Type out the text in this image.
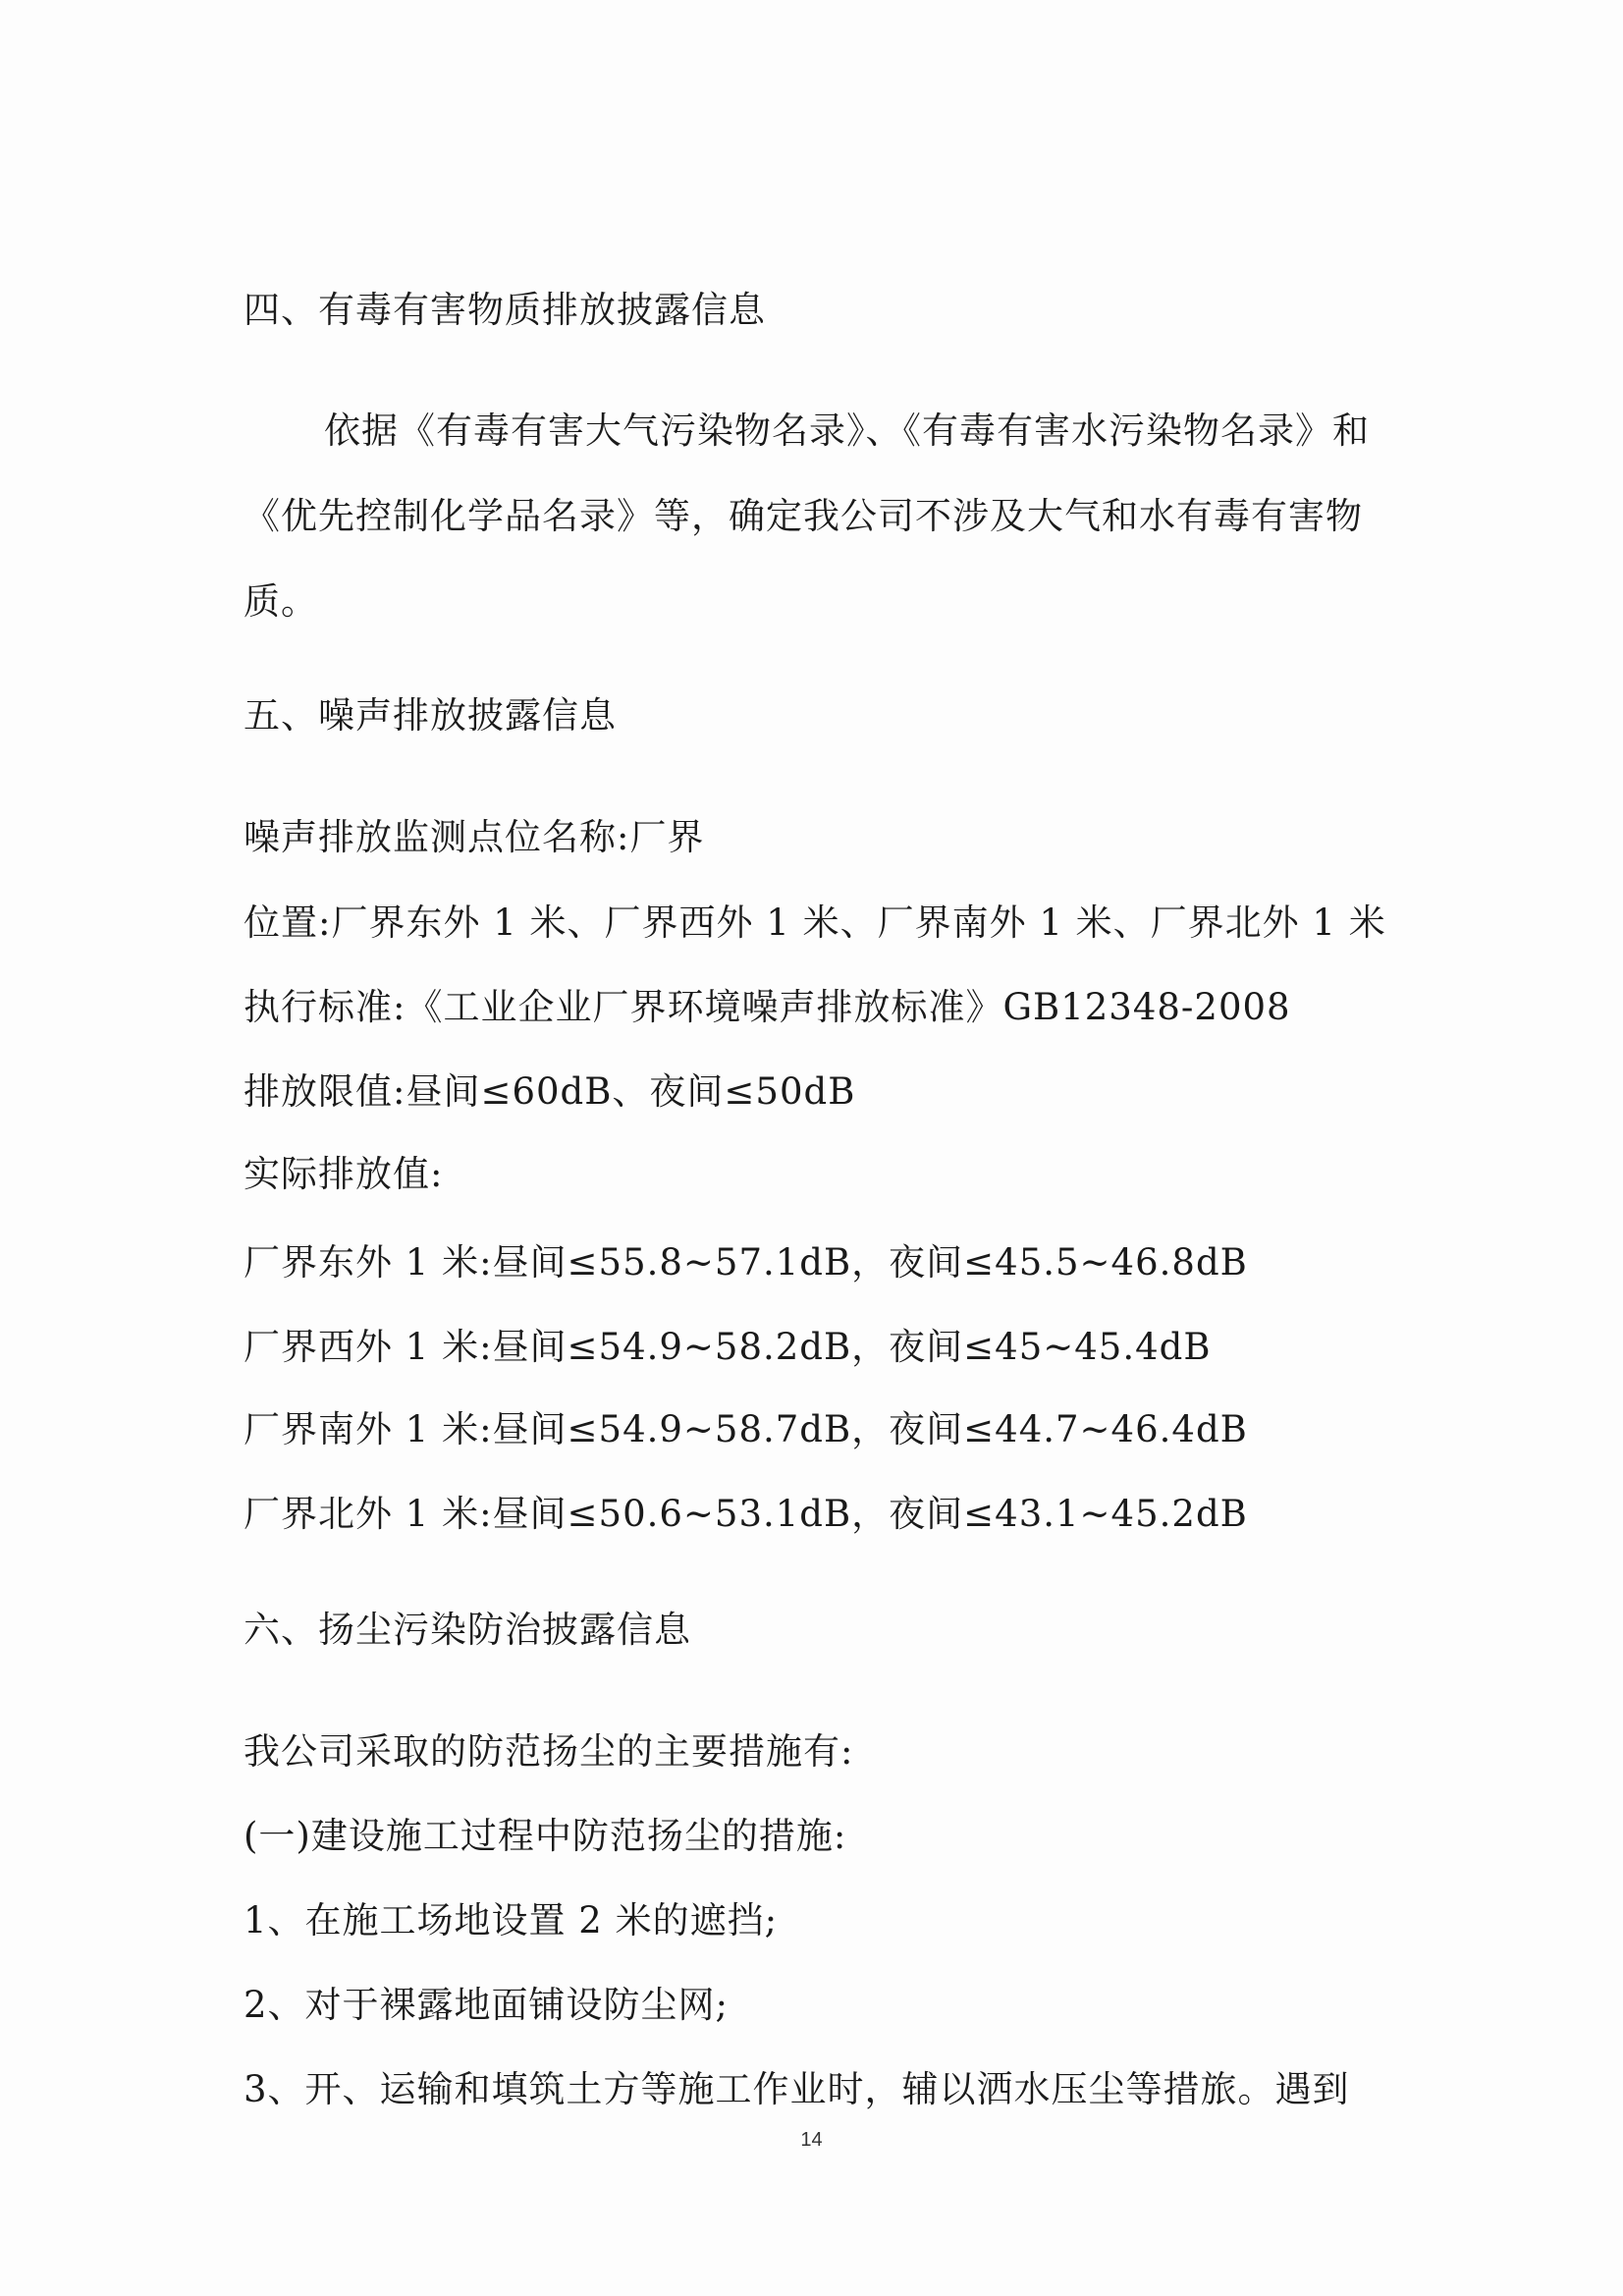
四、有毒有害物质排放披露信息
依据《有毒有害大气污染物名录》、《有毒有害水污染物名录》和
《优先控制化学品名录》等，确定我公司不涉及大气和水有毒有害物
质。
五、噪声排放披露信息
噪声排放监测点位名称:厂界
位置:厂界东外 1 米、厂界西外 1 米、厂界南外 1 米、厂界北外 1 米
执行标准:《工业企业厂界环境噪声排放标准》GB12348-2008
排放限值:昼间≤60dB、夜间≤50dB
实际排放值:
厂界东外 1 米:昼间≤55.8~57.1dB，夜间≤45.5~46.8dB
厂界西外 1 米:昼间≤54.9~58.2dB，夜间≤45~45.4dB
厂界南外 1 米:昼间≤54.9~58.7dB，夜间≤44.7~46.4dB
厂界北外 1 米:昼间≤50.6~53.1dB，夜间≤43.1~45.2dB
六、扬尘污染防治披露信息
我公司采取的防范扬尘的主要措施有:
(一)建设施工过程中防范扬尘的措施:
1、在施工场地设置 2 米的遮挡;
2、对于裸露地面铺设防尘网;
3、开、运输和填筑土方等施工作业时，辅以洒水压尘等措旅。遇到
14
